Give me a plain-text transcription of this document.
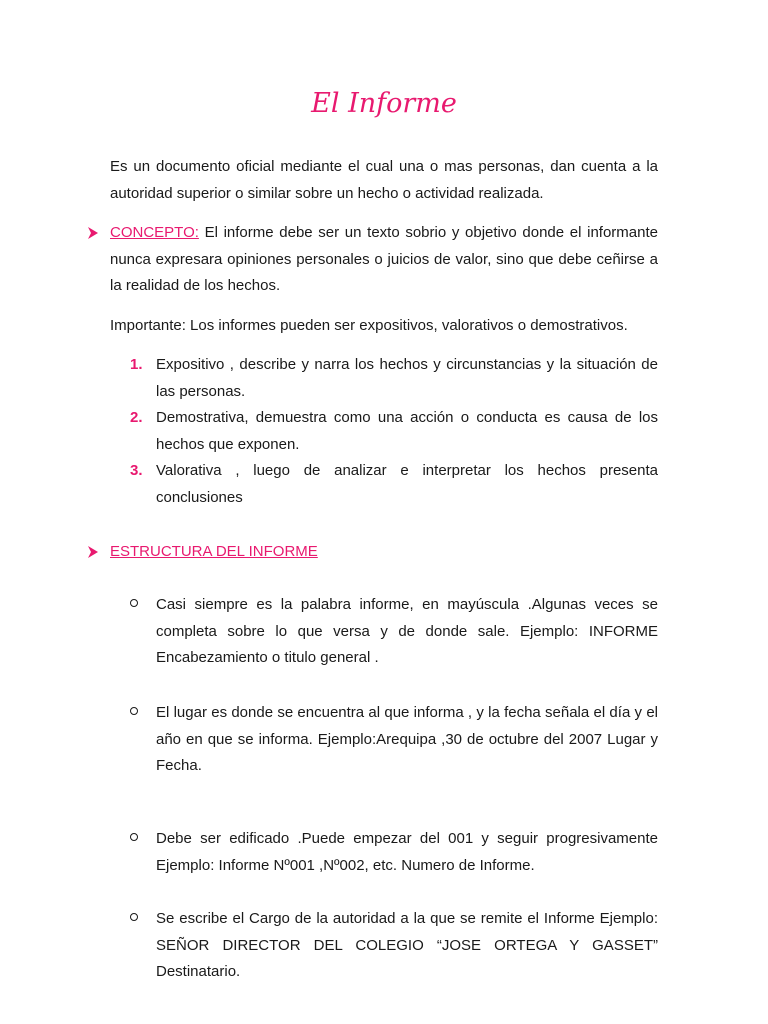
El Informe
Es un documento oficial mediante el cual una o mas personas, dan cuenta a la autoridad superior o similar sobre un hecho o actividad realizada.
CONCEPTO: El informe debe ser un texto sobrio y objetivo donde el informante nunca expresara opiniones personales o juicios de valor, sino que debe ceñirse a la realidad de los hechos.
Importante: Los informes pueden ser expositivos, valorativos o demostrativos.
1. Expositivo , describe y narra los hechos y circunstancias y la situación de las personas.
2. Demostrativa, demuestra como una acción o conducta es causa de los hechos que exponen.
3. Valorativa , luego de analizar e interpretar los hechos presenta conclusiones
ESTRUCTURA DEL INFORME
Casi siempre es la palabra informe, en mayúscula .Algunas veces se completa sobre lo que versa y de donde sale. Ejemplo: INFORME Encabezamiento o titulo general .
El lugar es donde se encuentra al que informa , y la fecha señala el día y el año en que se informa. Ejemplo:Arequipa ,30 de octubre del 2007 Lugar y Fecha.
Debe ser edificado .Puede empezar del 001 y seguir progresivamente Ejemplo: Informe Nº001 ,Nº002, etc. Numero de Informe.
Se escribe el Cargo de la autoridad a la que se remite el Informe Ejemplo: SEÑOR DIRECTOR DEL COLEGIO “JOSE ORTEGA Y GASSET” Destinatario.
